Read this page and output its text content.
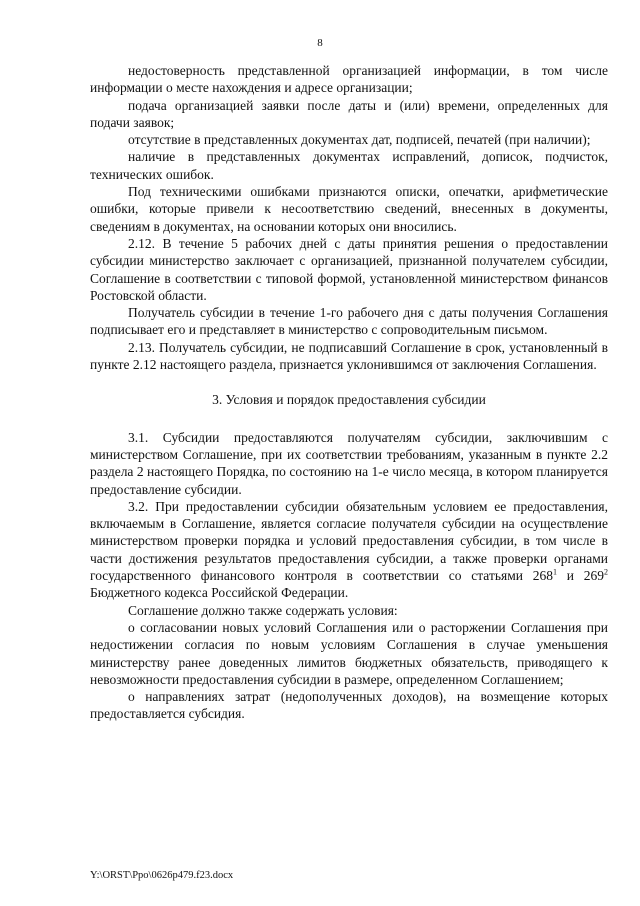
8

недостоверность представленной организацией информации, в том числе информации о месте нахождения и адресе организации;

подача организацией заявки после даты и (или) времени, определенных для подачи заявок;

отсутствие в представленных документах дат, подписей, печатей (при наличии);

наличие в представленных документах исправлений, дописок, подчисток, технических ошибок.

Под техническими ошибками признаются описки, опечатки, арифметические ошибки, которые привели к несоответствию сведений, внесенных в документы, сведениям в документах, на основании которых они вносились.

2.12. В течение 5 рабочих дней с даты принятия решения о предоставлении субсидии министерство заключает с организацией, признанной получателем субсидии, Соглашение в соответствии с типовой формой, установленной министерством финансов Ростовской области.

Получатель субсидии в течение 1-го рабочего дня с даты получения Соглашения подписывает его и представляет в министерство с сопроводительным письмом.

2.13. Получатель субсидии, не подписавший Соглашение в срок, установленный в пункте 2.12 настоящего раздела, признается уклонившимся от заключения Соглашения.

3. Условия и порядок предоставления субсидии

3.1. Субсидии предоставляются получателям субсидии, заключившим с министерством Соглашение, при их соответствии требованиям, указанным в пункте 2.2 раздела 2 настоящего Порядка, по состоянию на 1-е число месяца, в котором планируется предоставление субсидии.

3.2. При предоставлении субсидии обязательным условием ее предоставления, включаемым в Соглашение, является согласие получателя субсидии на осуществление министерством проверки порядка и условий предоставления субсидии, в том числе в части достижения результатов предоставления субсидии, а также проверки органами государственного финансового контроля в соответствии со статьями $268^1$ и $269^2$ Бюджетного кодекса Российской Федерации.

Соглашение должно также содержать условия:

о согласовании новых условий Соглашения или о расторжении Соглашения при недостижении согласия по новым условиям Соглашения в случае уменьшения министерству ранее доведенных лимитов бюджетных обязательств, приводящего к невозможности предоставления субсидии в размере, определенном Соглашением;

о направлениях затрат (недополученных доходов), на возмещение которых предоставляется субсидия.

Y:\ORST\Ppo\0626p479.f23.docx
